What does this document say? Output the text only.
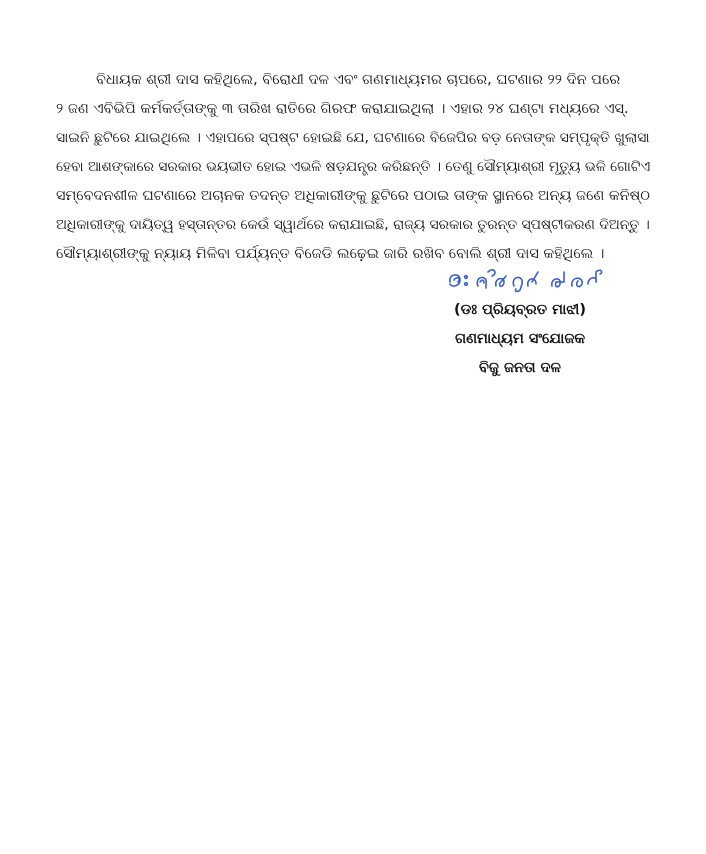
ବିଧାୟକ ଶ୍ରୀ ଦାସ କହିଥିଲେ, ବିରୋଧୀ ଦଳ ଏବଂ ଗଣମାଧ୍ୟମର ଚାପରେ, ଘଟଣାର ୨୨ ଦିନ ପରେ
୨ ଜଣ ଏବିଭିପି କର୍ମକର୍ତ୍ତାଙ୍କୁ ୩ ତାରିଖ ରାତିରେ ଗିରଫ କରାଯାଇଥିଲା । ଏହାର ୨୪ ଘଣ୍ଟା ମଧ୍ୟରେ ଏସ୍.
ସାଇନି ଛୁଟିରେ ଯାଇଥିଲେ । ଏହାପରେ ସ୍ପଷ୍ଟ ହୋଇଛି ଯେ, ଘଟଣାରେ ବିଜେପିର ବଡ଼ ନେତାଙ୍କ ସମ୍ପୃକ୍ତି ଖୁଲାସା
ହେବା ଆଶଙ୍କାରେ ସରକାର ଭୟଭୀତ ହୋଇ ଏଭଳି ଷଡ଼ଯନ୍ତ୍ର କରିଛନ୍ତି । ତେଣୁ ସୌମ୍ୟାଶ୍ରୀ ମୃତ୍ୟୁ ଭଳି ଗୋଟିଏ
ସମ୍ବେଦନଶୀଳ ଘଟଣାରେ ଅଚାନକ ତଦନ୍ତ ଅଧିକାରୀଙ୍କୁ ଛୁଟିରେ ପଠାଇ ତାଙ୍କ ସ୍ଥାନରେ ଅନ୍ୟ ଜଣେ କନିଷ୍ଠ
ଅଧିକାରୀଙ୍କୁ ଦାୟିତ୍ୱ ହସ୍ତାନ୍ତର କେଉଁ ସ୍ୱାର୍ଥରେ କରାଯାଇଛି, ରାଜ୍ୟ ସରକାର ତୁରନ୍ତ ସ୍ପଷ୍ଟୀକରଣ ଦିଅନ୍ତୁ ।
ସୌମ୍ୟାଶ୍ରୀଙ୍କୁ ନ୍ୟାୟ ମିଳିବା ପର୍ଯ୍ୟନ୍ତ ବିଜେଡି ଲଢ଼େଇ ଜାରି ରଖିବ ବୋଲି ଶ୍ରୀ ଦାସ କହିଥିଲେ ।
(ଡଃ ପ୍ରିୟବ୍ରତ ମାଝୀ)
ଗଣମାଧ୍ୟମ ସଂଯୋଜକ
ବିଜୁ ଜନତା ଦଳ
